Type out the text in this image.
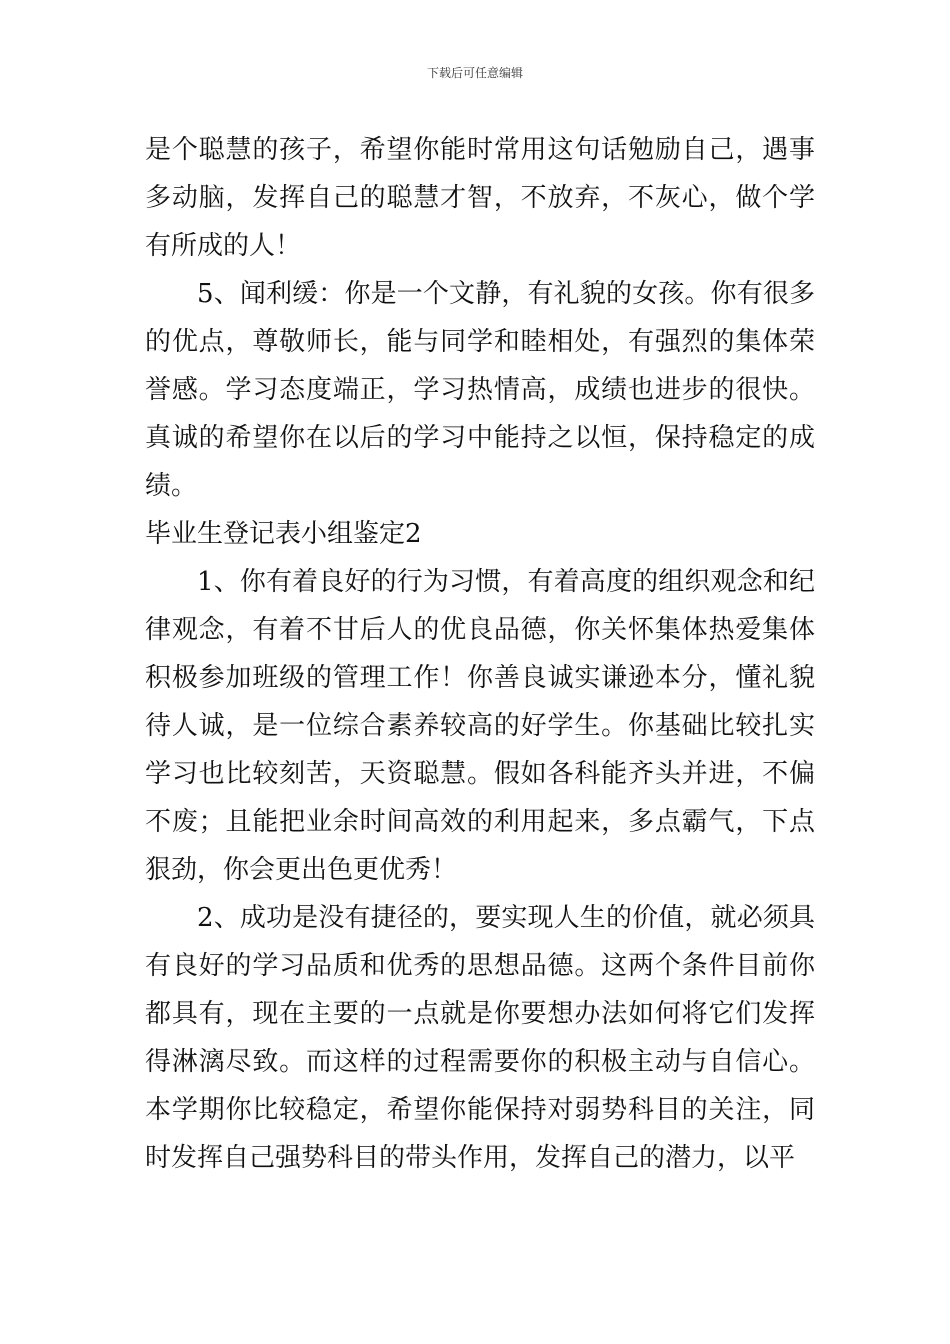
下载后可任意编辑

是个聪慧的孩子，希望你能时常用这句话勉励自己，遇事多动脑，发挥自己的聪慧才智，不放弃，不灰心，做个学有所成的人！

5、闻利缓：你是一个文静，有礼貌的女孩。你有很多的优点，尊敬师长，能与同学和睦相处，有强烈的集体荣誉感。学习态度端正，学习热情高，成绩也进步的很快。真诚的希望你在以后的学习中能持之以恒，保持稳定的成绩。

毕业生登记表小组鉴定2

1、你有着良好的行为习惯，有着高度的组织观念和纪律观念，有着不甘后人的优良品德，你关怀集体热爱集体积极参加班级的管理工作！你善良诚实谦逊本分，懂礼貌待人诚，是一位综合素养较高的好学生。你基础比较扎实学习也比较刻苦，天资聪慧。假如各科能齐头并进，不偏不废；且能把业余时间高效的利用起来，多点霸气，下点狠劲，你会更出色更优秀！

2、成功是没有捷径的，要实现人生的价值，就必须具有良好的学习品质和优秀的思想品德。这两个条件目前你都具有，现在主要的一点就是你要想办法如何将它们发挥得淋漓尽致。而这样的过程需要你的积极主动与自信心。本学期你比较稳定，希望你能保持对弱势科目的关注，同时发挥自己强势科目的带头作用，发挥自己的潜力，以平
